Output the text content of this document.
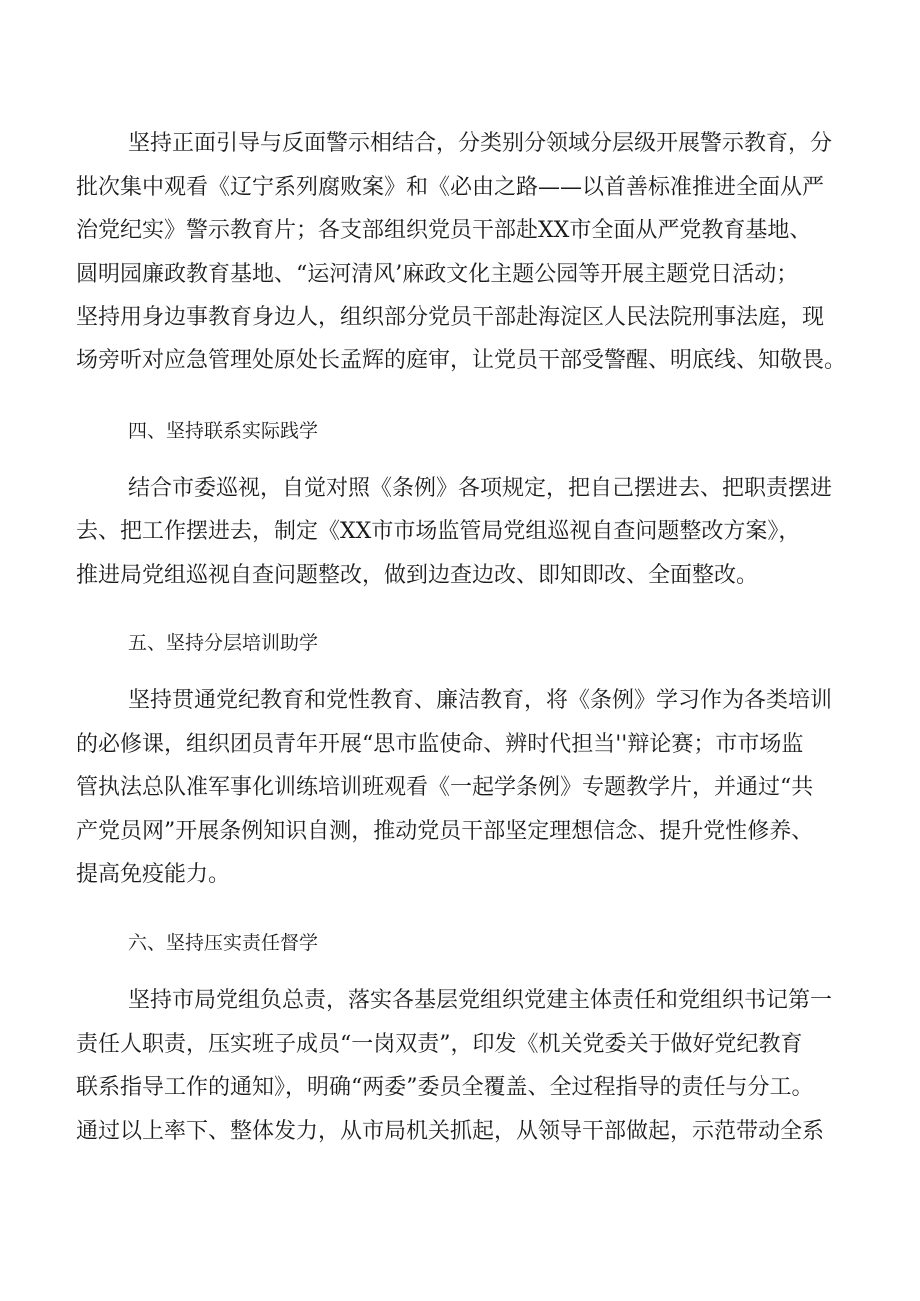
坚持正面引导与反面警示相结合，分类别分领域分层级开展警示教育，分
批次集中观看《辽宁系列腐败案》和《必由之路——以首善标准推进全面从严
治党纪实》警示教育片；各支部组织党员干部赴XX市全面从严党教育基地、
圆明园廉政教育基地、“运河清风’麻政文化主题公园等开展主题党日活动；
坚持用身边事教育身边人，组织部分党员干部赴海淀区人民法院刑事法庭，现
场旁听对应急管理处原处长孟辉的庭审，让党员干部受警醒、明底线、知敬畏。
四、坚持联系实际践学
结合市委巡视，自觉对照《条例》各项规定，把自己摆进去、把职责摆进
去、把工作摆进去，制定《XX市市场监管局党组巡视自查问题整改方案》，
推进局党组巡视自查问题整改，做到边查边改、即知即改、全面整改。
五、坚持分层培训助学
坚持贯通党纪教育和党性教育、廉洁教育，将《条例》学习作为各类培训
的必修课，组织团员青年开展“思市监使命、辨时代担当''辩论赛；市市场监
管执法总队准军事化训练培训班观看《一起学条例》专题教学片，并通过“共
产党员网”开展条例知识自测，推动党员干部坚定理想信念、提升党性修养、
提高免疫能力。
六、坚持压实责任督学
坚持市局党组负总责，落实各基层党组织党建主体责任和党组织书记第一
责任人职责，压实班子成员“一岗双责”，印发《机关党委关于做好党纪教育
联系指导工作的通知》，明确“两委”委员全覆盖、全过程指导的责任与分工。
通过以上率下、整体发力，从市局机关抓起，从领导干部做起，示范带动全系
